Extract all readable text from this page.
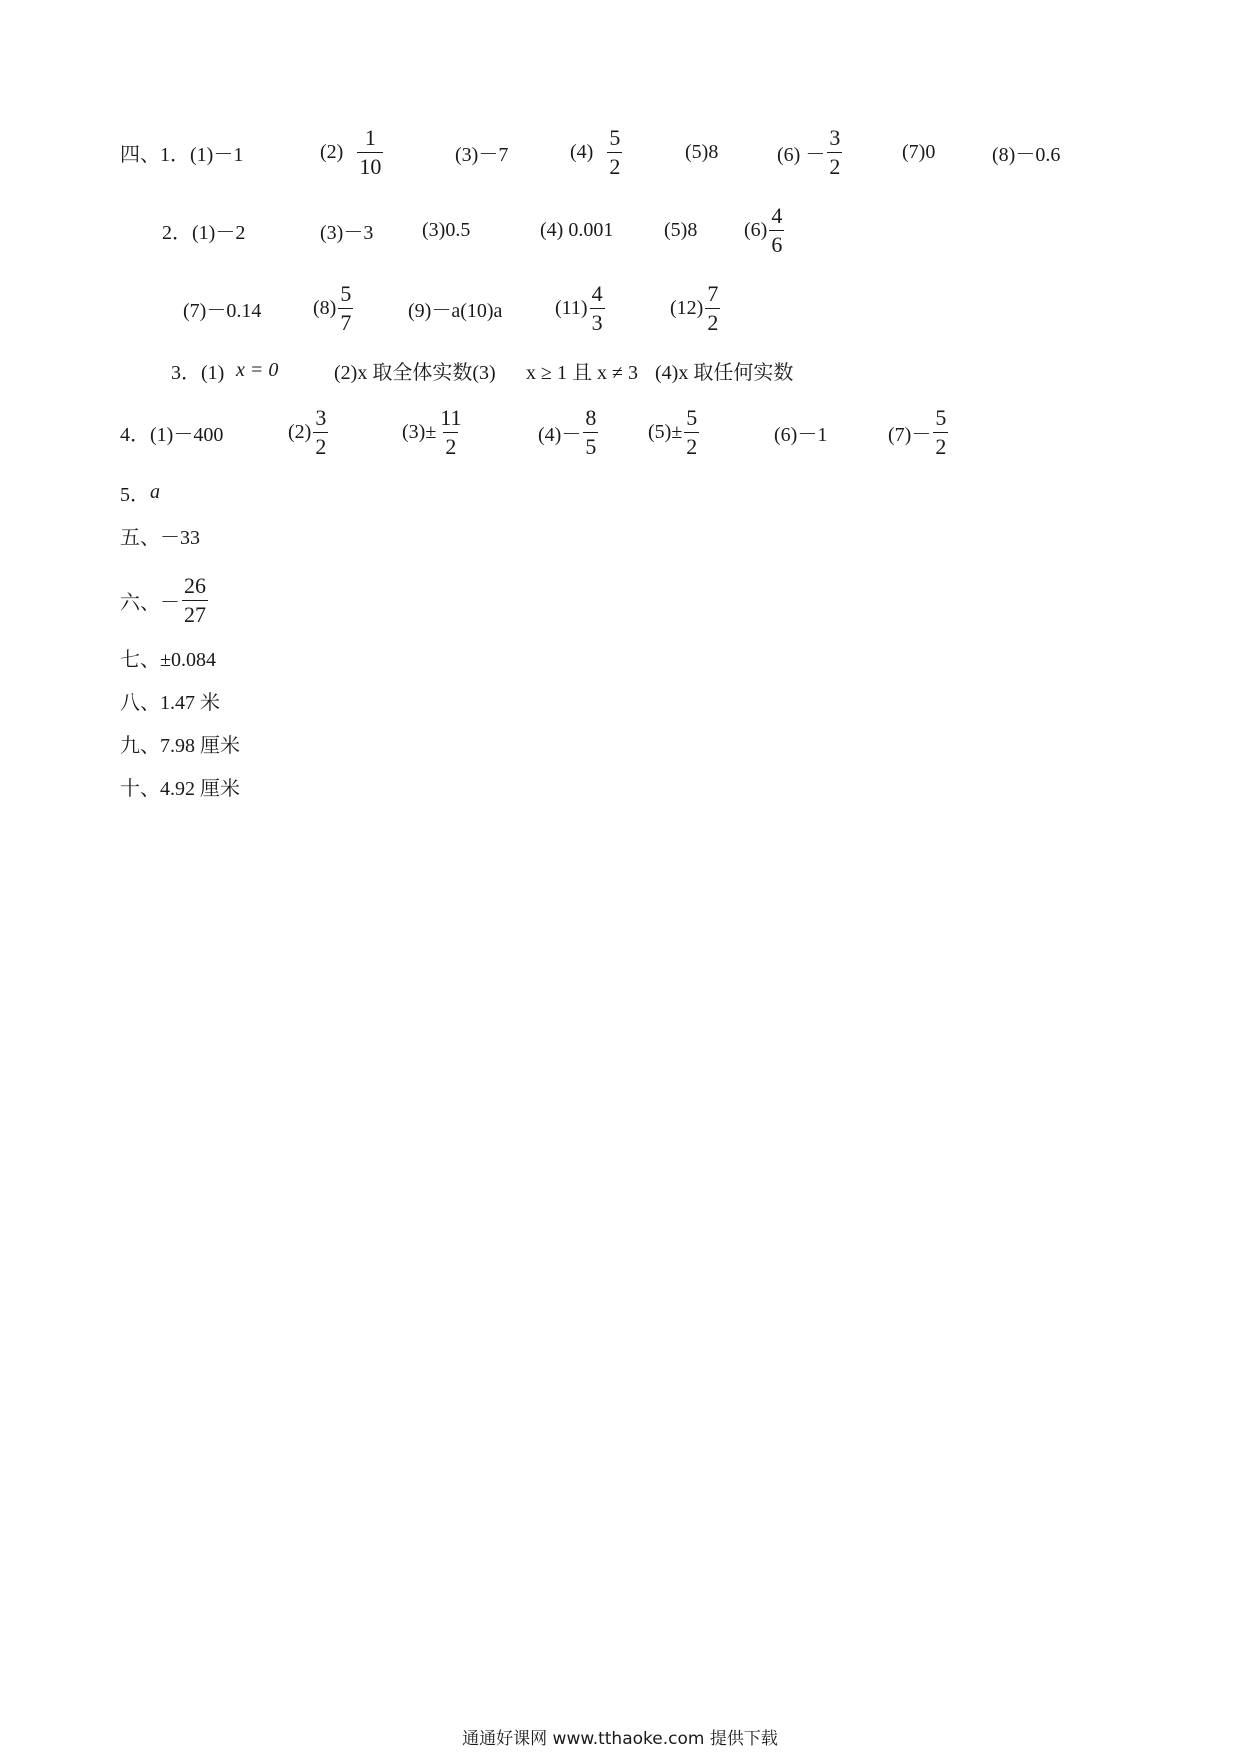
四、1．(1)－1	$(2) \frac{1}{10}$	(3)－7	$(4) \frac{5}{2}$	(5)8	$(6) - \frac{3}{2}$	(7)0	(8)－0.6
2．(1)－2	(3)－3 (3)0.5	(4) 0.001	(5)8 $(6) \frac{4}{6}$
(7)－0.14	$(8) \frac{5}{7}$	(9)－a(10)a	$(11) \frac{4}{3}$	$(12) \frac{7}{2}$
3．(1) x = 0	(2)x 取全体实数(3) x ≥ 1 且 x ≠ 3 (4)x 取任何实数
4．(1)－400	$(2) \frac{3}{2}$	$(3)\pm \frac{11}{2}$	$(4)- \frac{8}{5} (5)\pm \frac{5}{2}$	(6)－1	$(7)- \frac{5}{2}$
5． a
五、－33
六、－ $\frac{26}{27}$
七、±0.084
八、1.47 米
九、7.98 厘米
十、4.92 厘米
通通好课网 www.tthaoke.com 提供下载
